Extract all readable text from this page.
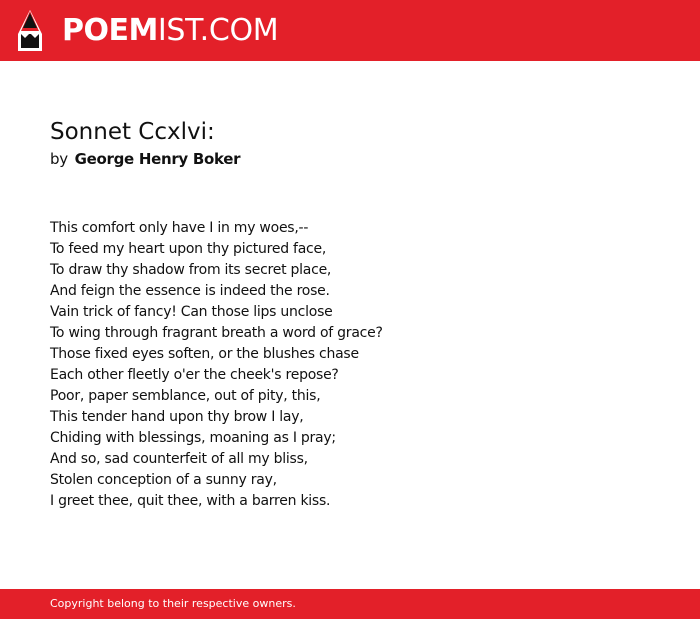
POEMIST.COM
Sonnet Ccxlvi:
by George Henry Boker
This comfort only have I in my woes,--
To feed my heart upon thy pictured face,
To draw thy shadow from its secret place,
And feign the essence is indeed the rose.
Vain trick of fancy! Can those lips unclose
To wing through fragrant breath a word of grace?
Those fixed eyes soften, or the blushes chase
Each other fleetly o'er the cheek's repose?
Poor, paper semblance, out of pity, this,
This tender hand upon thy brow I lay,
Chiding with blessings, moaning as I pray;
And so, sad counterfeit of all my bliss,
Stolen conception of a sunny ray,
I greet thee, quit thee, with a barren kiss.
Copyright belong to their respective owners.
